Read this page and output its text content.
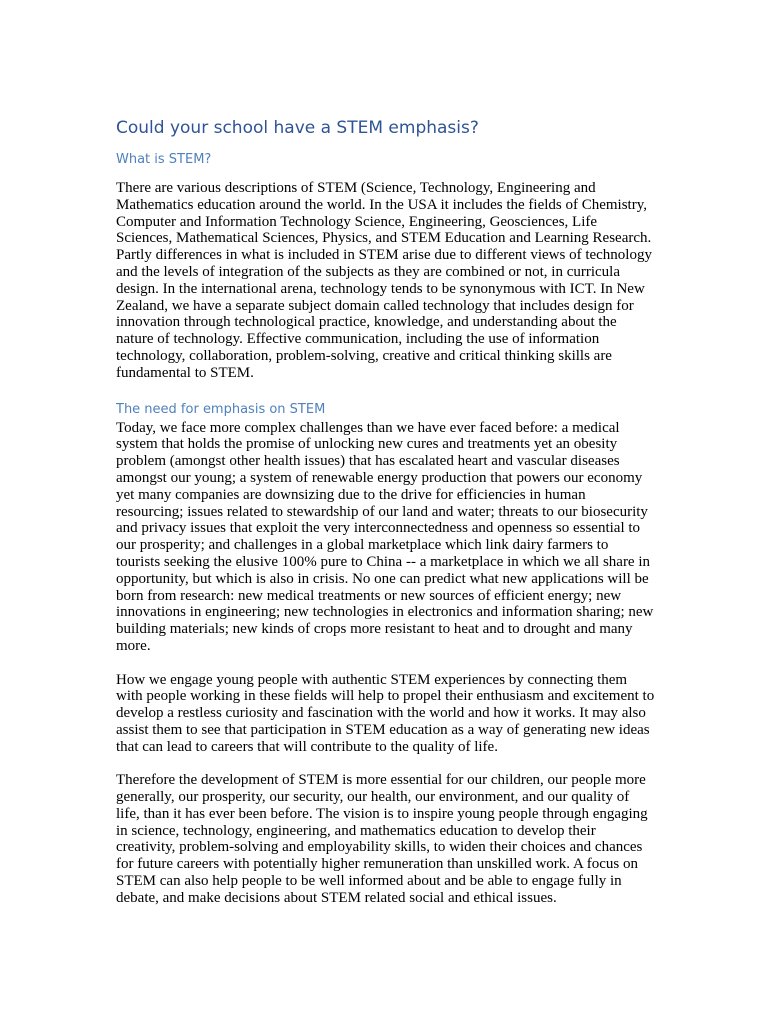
Could your school have a STEM emphasis?
What is STEM?

There are various descriptions of STEM (Science, Technology, Engineering and
Mathematics education around the world. In the USA it includes the fields of Chemistry,
Computer and Information Technology Science, Engineering, Geosciences, Life
Sciences, Mathematical Sciences, Physics, and STEM Education and Learning Research.
Partly differences in what is included in STEM arise due to different views of technology
and the levels of integration of the subjects as they are combined or not, in curricula
design. In the international arena, technology tends to be synonymous with ICT. In New
Zealand, we have a separate subject domain called technology that includes design for
innovation through technological practice, knowledge, and understanding about the
nature of technology. Effective communication, including the use of information
technology, collaboration, problem-solving, creative and critical thinking skills are
fundamental to STEM.

The need for emphasis on STEM

Today, we face more complex challenges than we have ever faced before: a medical
system that holds the promise of unlocking new cures and treatments yet an obesity
problem (amongst other health issues) that has escalated heart and vascular diseases
amongst our young; a system of renewable energy production that powers our economy
yet many companies are downsizing due to the drive for efficiencies in human
resourcing; issues related to stewardship of our land and water; threats to our biosecurity
and privacy issues that exploit the very interconnectedness and openness so essential to
our prosperity; and challenges in a global marketplace which link dairy farmers to
tourists seeking the elusive 100% pure to China -- a marketplace in which we all share in
opportunity, but which is also in crisis. No one can predict what new applications will be
born from research: new medical treatments or new sources of efficient energy; new
innovations in engineering; new technologies in electronics and information sharing; new
building materials; new kinds of crops more resistant to heat and to drought and many
more.

How we engage young people with authentic STEM experiences by connecting them
with people working in these fields will help to propel their enthusiasm and excitement to
develop a restless curiosity and fascination with the world and how it works. It may also
assist them to see that participation in STEM education as a way of generating new ideas
that can lead to careers that will contribute to the quality of life.

Therefore the development of STEM is more essential for our children, our people more
generally, our prosperity, our security, our health, our environment, and our quality of
life, than it has ever been before. The vision is to inspire young people through engaging
in science, technology, engineering, and mathematics education to develop their
creativity, problem-solving and employability skills, to widen their choices and chances
for future careers with potentially higher remuneration than unskilled work. A focus on
STEM can also help people to be well informed about and be able to engage fully in
debate, and make decisions about STEM related social and ethical issues.
